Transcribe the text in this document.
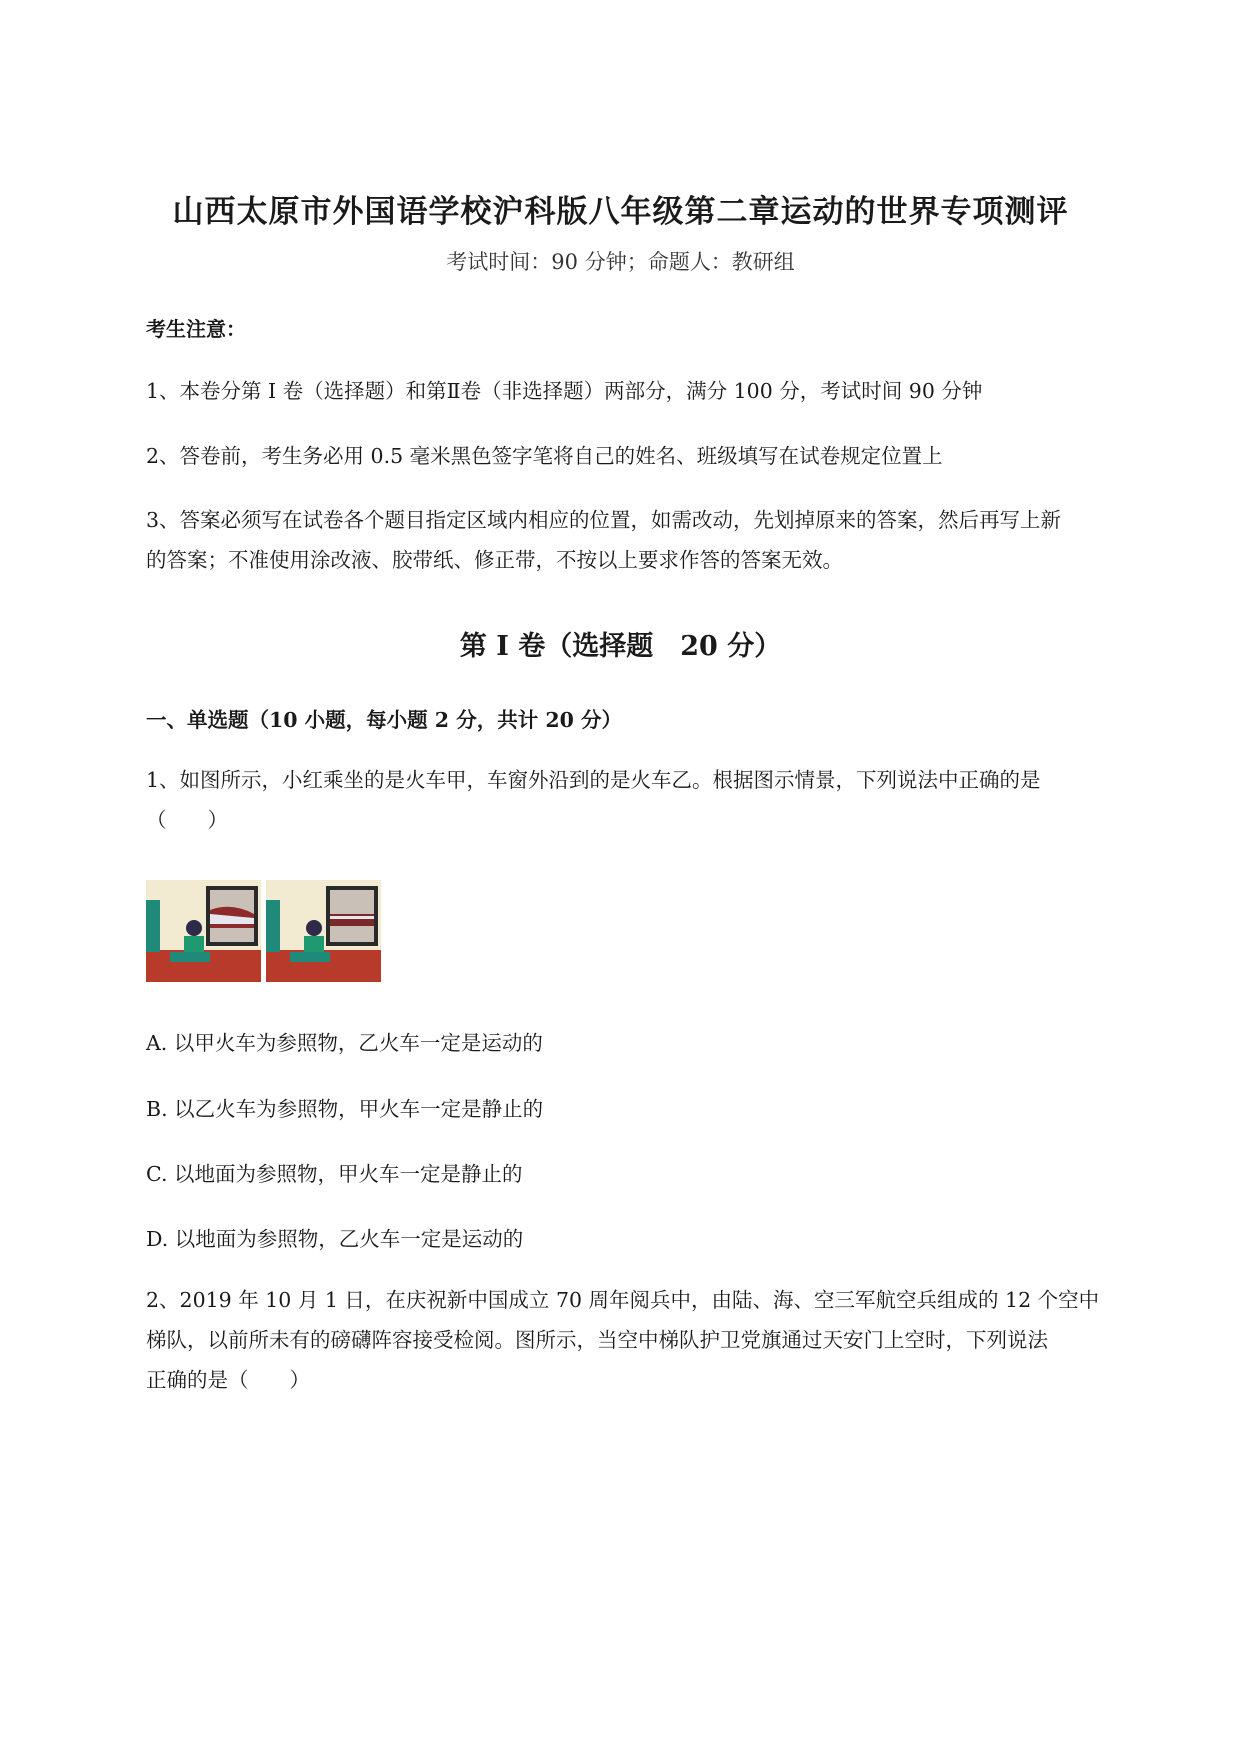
山西太原市外国语学校沪科版八年级第二章运动的世界专项测评
考试时间：90 分钟；命题人：教研组
考生注意：
1、本卷分第 I 卷（选择题）和第Ⅱ卷（非选择题）两部分，满分 100 分，考试时间 90 分钟
2、答卷前，考生务必用 0.5 毫米黑色签字笔将自己的姓名、班级填写在试卷规定位置上
3、答案必须写在试卷各个题目指定区域内相应的位置，如需改动，先划掉原来的答案，然后再写上新
的答案；不准使用涂改液、胶带纸、修正带，不按以上要求作答的答案无效。
第 I 卷（选择题　20 分）
一、单选题（10 小题，每小题 2 分，共计 20 分）
1、如图所示，小红乘坐的是火车甲，车窗外沿到的是火车乙。根据图示情景，下列说法中正确的是
（　　）
A. 以甲火车为参照物，乙火车一定是运动的
B. 以乙火车为参照物，甲火车一定是静止的
C. 以地面为参照物，甲火车一定是静止的
D. 以地面为参照物，乙火车一定是运动的
2、2019 年 10 月 1 日，在庆祝新中国成立 70 周年阅兵中，由陆、海、空三军航空兵组成的 12 个空中
梯队，以前所未有的磅礴阵容接受检阅。图所示，当空中梯队护卫党旗通过天安门上空时，下列说法
正确的是（　　）
